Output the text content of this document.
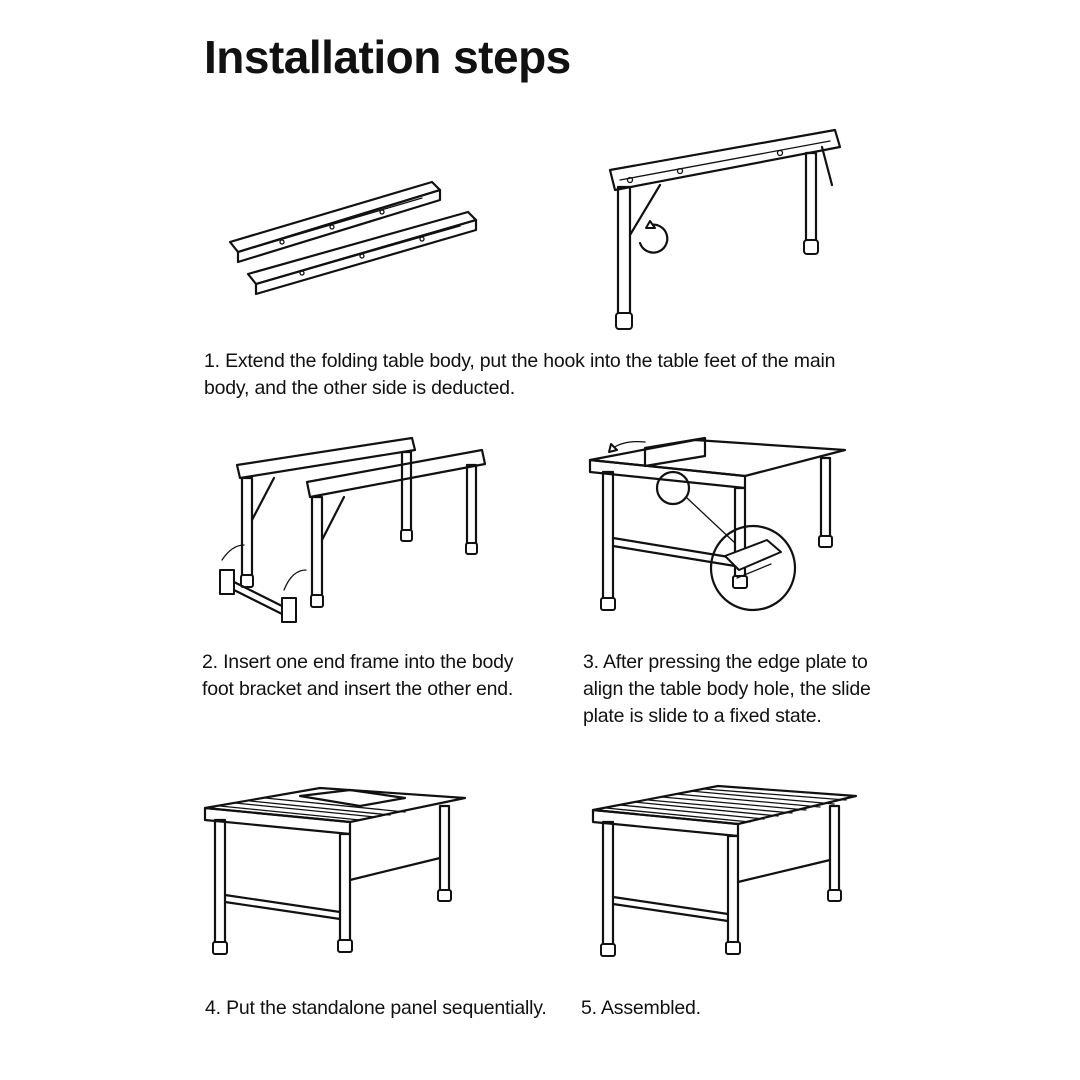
Installation steps
1. Extend the folding table body, put the hook into the table feet of the main
body, and the other side is deducted.
2. Insert one end frame into the body
foot bracket and insert the other end.
3. After pressing the edge plate to
align the table body hole, the slide
plate is slide to a fixed state.
4. Put the standalone panel sequentially.	5. Assembled.
